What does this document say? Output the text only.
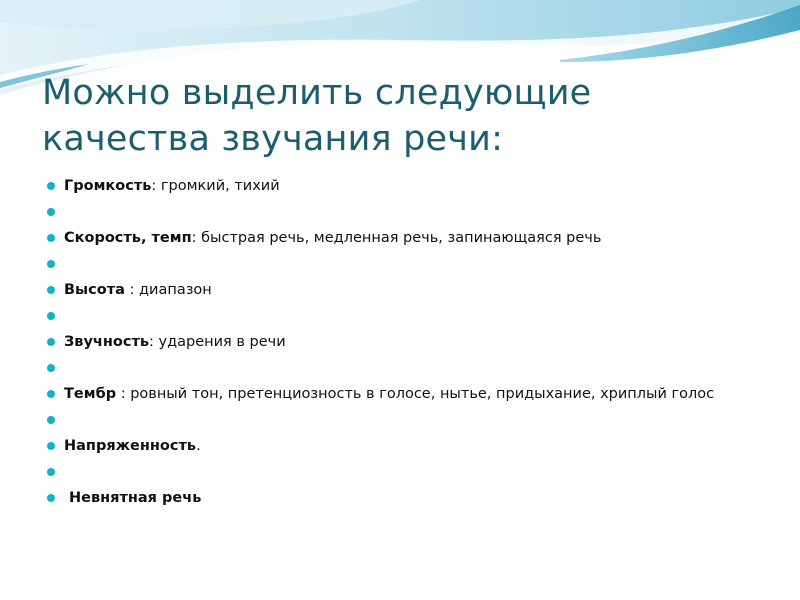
Можно выделить следующие
качества звучания речи:
Громкость: громкий, тихий
Скорость, темп: быстрая речь, медленная речь, запинающаяся речь
Высота : диапазон
Звучность: ударения в речи
Тембр : ровный тон, претенциозность в голосе, нытье, придыхание, хриплый голос
Напряженность.
Невнятная речь
